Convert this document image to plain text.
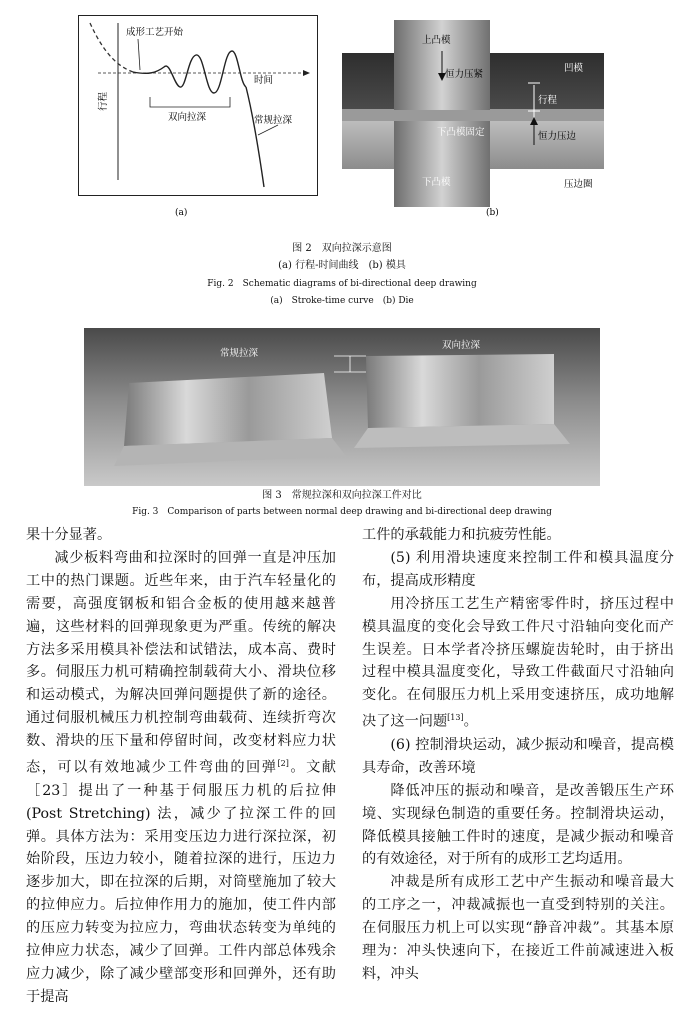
成形工艺开始
时间
行程
双向拉深	常规拉深
(a)
上凸模
凹模
恒力压紧
行程
下凸模固定	恒力压边
下凸模	压边圈
(b)
图 2　双向拉深示意图
(a) 行程-时间曲线　(b) 模具
Fig. 2　Schematic diagrams of bi-directional deep drawing
(a)　Stroke-time curve　(b) Die
常规拉深
双向拉深
图 3　常规拉深和双向拉深工件对比
Fig. 3　Comparison of parts between normal deep drawing and bi-directional deep drawing

果十分显著。

减少板料弯曲和拉深时的回弹一直是冲压加工中的热门课题。近些年来，由于汽车轻量化的需要，高强度钢板和铝合金板的使用越来越普遍，这些材料的回弹现象更为严重。传统的解决方法多采用模具补偿法和试错法，成本高、费时多。伺服压力机可精确控制载荷大小、滑块位移和运动模式，为解决回弹问题提供了新的途径。通过伺服机械压力机控制弯曲载荷、连续折弯次数、滑块的压下量和停留时间，改变材料应力状态，可以有效地减少工件弯曲的回弹[2]。文献［23］提出了一种基于伺服压力机的后拉伸 (Post Stretching) 法，减少了拉深工件的回弹。具体方法为：采用变压边力进行深拉深，初始阶段，压边力较小，随着拉深的进行，压边力逐步加大，即在拉深的后期，对筒壁施加了较大的拉伸应力。后拉伸作用力的施加，使工件内部的压应力转变为拉应力，弯曲状态转变为单纯的拉伸应力状态，减少了回弹。工件内部总体残余应力减少，除了减少壁部变形和回弹外，还有助于提高

工件的承载能力和抗疲劳性能。

(5) 利用滑块速度来控制工件和模具温度分布，提高成形精度

用冷挤压工艺生产精密零件时，挤压过程中模具温度的变化会导致工件尺寸沿轴向变化而产生误差。日本学者冷挤压螺旋齿轮时，由于挤出过程中模具温度变化，导致工件截面尺寸沿轴向变化。在伺服压力机上采用变速挤压，成功地解决了这一问题[13]。

(6) 控制滑块运动，减少振动和噪音，提高模具寿命，改善环境

降低冲压的振动和噪音，是改善锻压生产环境、实现绿色制造的重要任务。控制滑块运动，降低模具接触工件时的速度，是减少振动和噪音的有效途径，对于所有的成形工艺均适用。

冲裁是所有成形工艺中产生振动和噪音最大的工序之一，冲裁减振也一直受到特别的关注。在伺服压力机上可以实现“静音冲裁”。其基本原理为：冲头快速向下，在接近工件前减速进入板料，冲头
